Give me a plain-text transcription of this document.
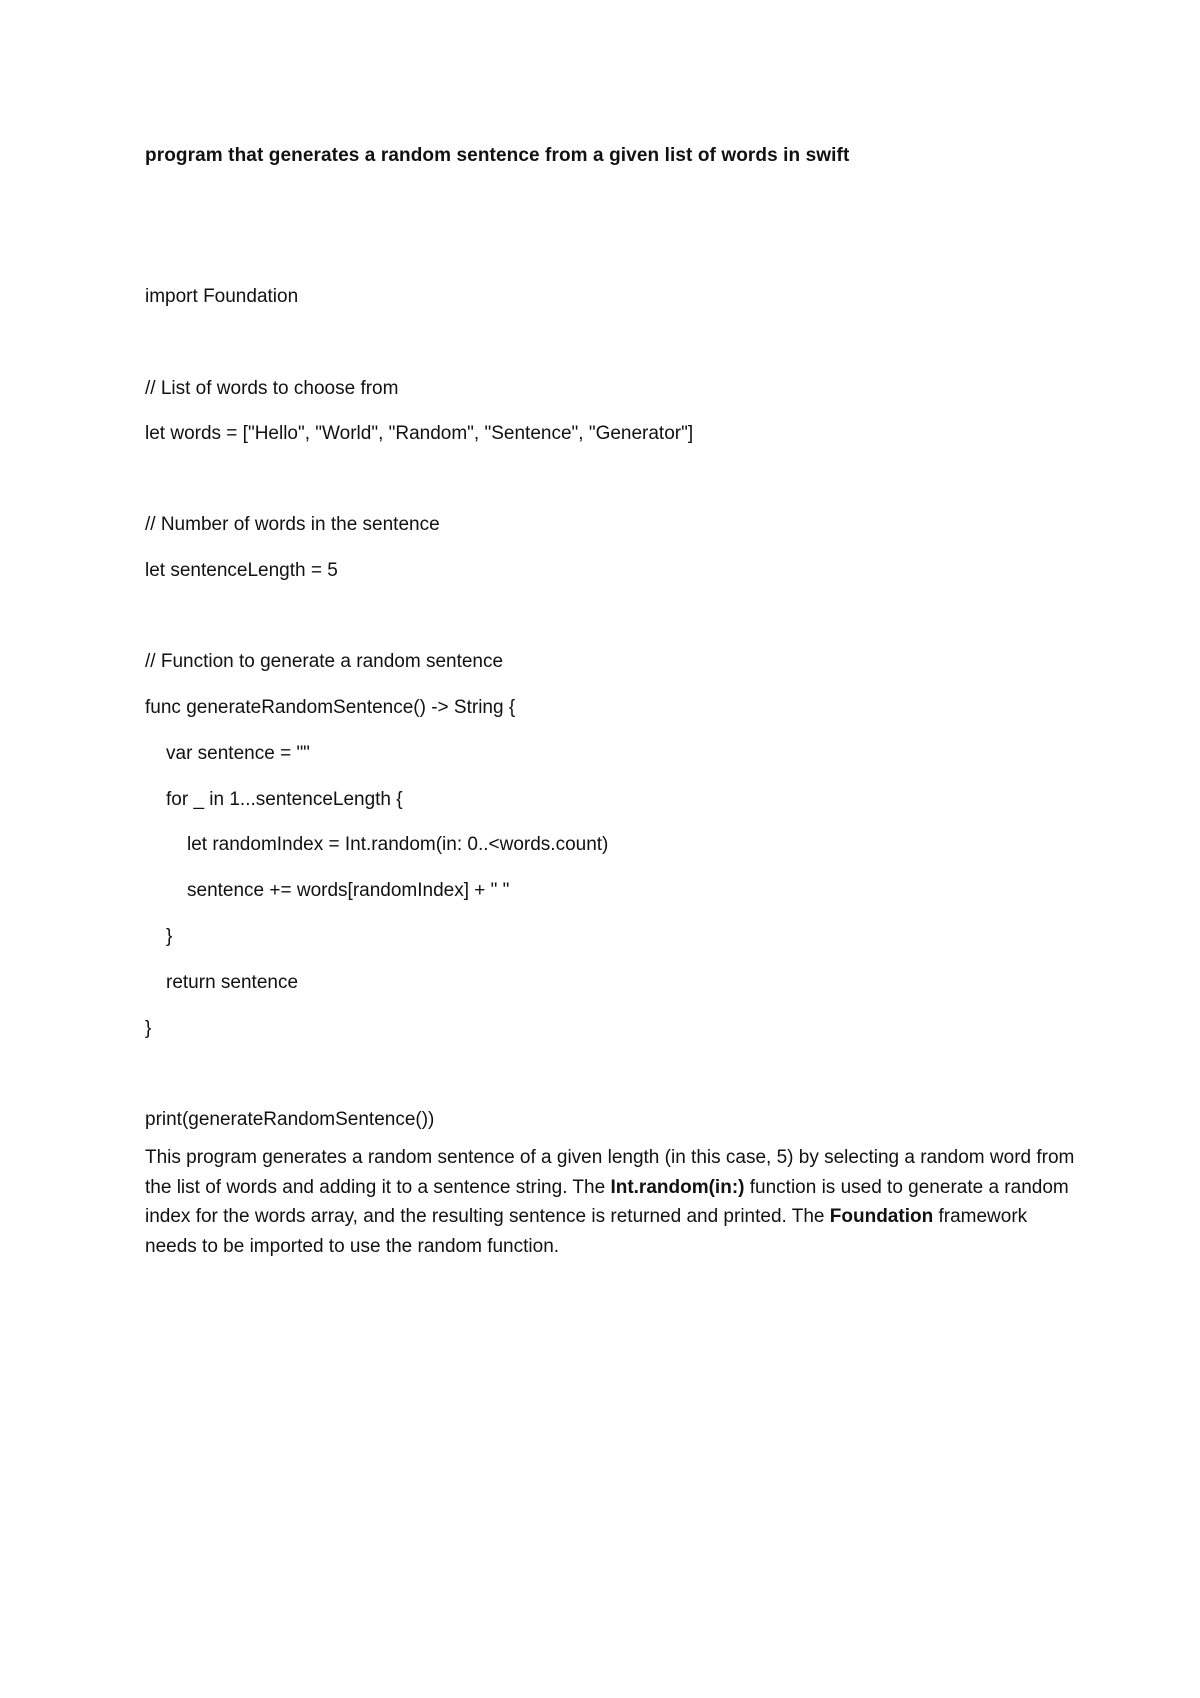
program that generates a random sentence from a given list of words in swift
import Foundation
// List of words to choose from
let words = ["Hello", "World", "Random", "Sentence", "Generator"]
// Number of words in the sentence
let sentenceLength = 5
// Function to generate a random sentence
func generateRandomSentence() -> String {
var sentence = ""
for _ in 1...sentenceLength {
let randomIndex = Int.random(in: 0..<words.count)
sentence += words[randomIndex] + " "
}
return sentence
}
print(generateRandomSentence())
This program generates a random sentence of a given length (in this case, 5) by selecting a random word from the list of words and adding it to a sentence string. The Int.random(in:) function is used to generate a random index for the words array, and the resulting sentence is returned and printed. The Foundation framework needs to be imported to use the random function.
